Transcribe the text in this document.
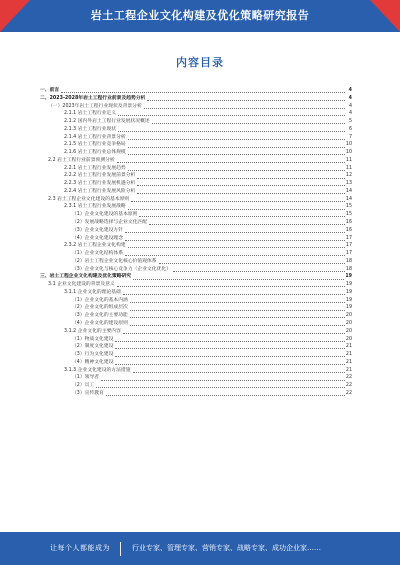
岩土工程企业文化构建及优化策略研究报告
内容目录
一、前言	4
二、2023-2028年岩土工程行业前景及趋势分析	4
（一）2023年岩土工程行业现状及背景分析	4
2.1.1 岩土工程行业定义	4
2.1.2 国内外岩土工程行业发展状况概述	5
2.1.3 岩土工程行业现状	6
2.1.4 岩土工程行业背景分析	7
2.1.5 岩土工程行业竞争格局	10
2.1.6 岩土工程行业总体规模	10
2.2 岩土工程行业前景预测分析	11
2.2.1 岩土工程行业发展趋势	11
2.2.2 岩土工程行业发展前景分析	12
2.2.3 岩土工程行业发展机遇分析	13
2.2.4 岩土工程行业发展风险分析	14
2.3 岩土工程企业文化建设的基本原则	14
2.3.1 岩土工程行业发展战略	15
（1）企业文化建设的基本原则	15
（2）发展战略选择与企业文化匹配	16
（3）企业文化建设方针	16
（4）企业文化建设理念	17
2.3.2 岩土工程企业文化构建	17
（1）企业文化结构体系	17
（2）岩土工程企业文化核心价值观体系	18
（3）企业文化与核心竞争力（企业文化优化）	18
三、岩土工程企业文化构建及优化策略研究	19
3.1 企业文化建设的背景及意义	19
3.1.1 企业文化的理论基础	19
（1）企业文化的基本内涵	19
（2）企业文化的组成层次	19
（3）企业文化的主要功能	20
（4）企业文化的建设原则	20
3.1.2 企业文化的主要内容	20
（1）物质文化建设	20
（2）制度文化建设	21
（3）行为文化建设	21
（4）精神文化建设	21
3.1.3 企业文化建设的方法措施	21
（1）领导者	22
（2）员工	22
（3）宣传教育	22
让每个人都能成为	行业专家、管理专家、营销专家、战略专家、成功企业家……
